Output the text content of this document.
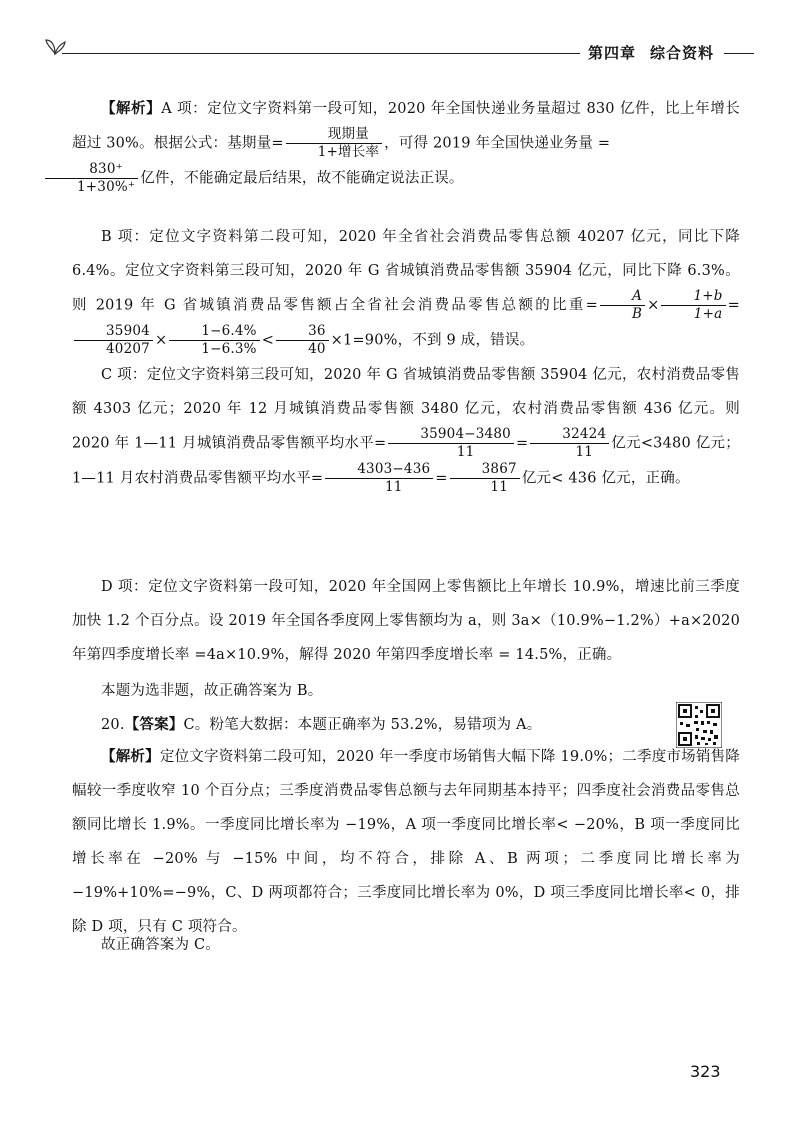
第四章 综合资料
【解析】A 项：定位文字资料第一段可知，2020 年全国快递业务量超过 830 亿件，比上年增长超过 30%。根据公式：基期量= $\frac{\text{现期量}}{\text{1+增长率}}$ ，可得 2019 年全国快递业务量 =

$\frac{830^+}{1+30\%^+}$ 亿件，不能确定最后结果，故不能确定说法正误。
B 项：定位文字资料第二段可知，2020 年全省社会消费品零售总额 40207 亿元，同比下降 6.4%。定位文字资料第三段可知，2020 年 G 省城镇消费品零售额 35904 亿元，同比下降 6.3%。则 2019 年 G 省城镇消费品零售额占全省社会消费品零售总额的比重= $\frac{A}{B} \times \frac{1+b}{1+a}$ =
$\frac{35904}{40207} \times \frac{1-6.4\%}{1-6.3\%} < \frac{36}{40} \times 1=90\%$，不到 9 成，错误。
C 项：定位文字资料第三段可知，2020 年 G 省城镇消费品零售额 35904 亿元，农村消费品零售额 4303 亿元；2020 年 12 月城镇消费品零售额 3480 亿元，农村消费品零售额 436 亿元。则 2020 年 1—11 月城镇消费品零售额平均水平= $\frac{35904-3480}{11} = \frac{32424}{11}$ 亿元<3480 亿元；1—11 月农村消费品零售额平均水平= $\frac{4303-436}{11} = \frac{3867}{11}$ 亿元< 436 亿元，正确。
D 项：定位文字资料第一段可知，2020 年全国网上零售额比上年增长 10.9%，增速比前三季度加快 1.2 个百分点。设 2019 年全国各季度网上零售额均为 a，则 3a×（10.9%−1.2%）+a×2020 年第四季度增长率 =4a×10.9%，解得 2020 年第四季度增长率 = 14.5%，正确。
本题为选非题，故正确答案为 B。
20.【答案】C。粉笔大数据：本题正确率为 53.2%，易错项为 A。
【解析】定位文字资料第二段可知，2020 年一季度市场销售大幅下降 19.0%；二季度市场销售降幅较一季度收窄 10 个百分点；三季度消费品零售总额与去年同期基本持平；四季度社会消费品零售总额同比增长 1.9%。一季度同比增长率为 −19%，A 项一季度同比增长率< −20%，B 项一季度同比增长率在 −20% 与 −15% 中间，均不符合，排除 A、B 两项；二季度同比增长率为 −19%+10%=−9%，C、D 两项都符合；三季度同比增长率为 0%，D 项三季度同比增长率< 0，排除 D 项，只有 C 项符合。
故正确答案为 C。
323
